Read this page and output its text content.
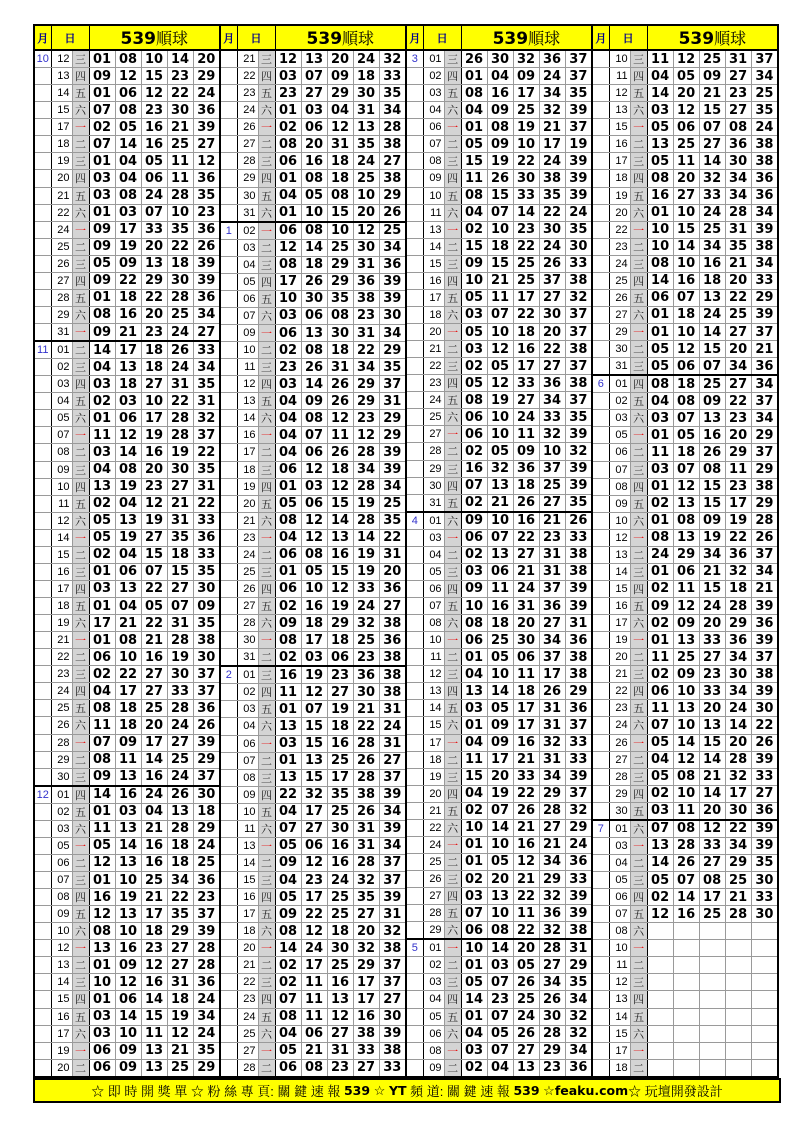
月	日		539順球				
10	12	三	01	08	10	14	20
	13	四	09	12	15	23	29
	14	五	01	06	12	22	24
	15	六	07	08	23	30	36
	17	一	02	05	16	21	39
	18	二	07	14	16	25	27
	19	三	01	04	05	11	12
	20	四	03	04	06	11	36
	21	五	03	08	24	28	35
	22	六	01	03	07	10	23
	24	一	09	17	33	35	36
	25	二	09	19	20	22	26
	26	三	05	09	13	18	39
	27	四	09	22	29	30	39
	28	五	01	18	22	28	36
	29	六	08	16	20	25	34
	31	一	09	21	23	24	27
11	01	二	14	17	18	26	33
	02	三	04	13	18	24	34
	03	四	03	18	27	31	35
	04	五	02	03	10	22	31
	05	六	01	06	17	28	32
	07	一	11	12	19	28	37
	08	二	03	14	16	19	22
	09	三	04	08	20	30	35
	10	四	13	19	23	27	31
	11	五	02	04	12	21	22
	12	六	05	13	19	31	33
	14	一	05	19	27	35	36
	15	二	02	04	15	18	33
	16	三	01	06	07	15	35
	17	四	03	13	22	27	30
	18	五	01	04	05	07	09
	19	六	17	21	22	31	35
	21	一	01	08	21	28	38
	22	二	06	10	16	19	30
	23	三	02	22	27	30	37
	24	四	04	17	27	33	37
	25	五	08	18	25	28	36
	26	六	11	18	20	24	26
	28	一	07	09	17	27	39
	29	二	08	11	14	25	29
	30	三	09	13	16	24	37
12	01	四	14	16	24	26	30
	02	五	01	03	04	13	18
	03	六	11	13	21	28	29
	05	一	05	14	16	18	24
	06	二	12	13	16	18	25
	07	三	01	10	25	34	36
	08	四	16	19	21	22	23
	09	五	12	13	17	35	37
	10	六	08	10	18	29	39
	12	一	13	16	23	27	28
	13	二	01	09	12	27	28
	14	三	10	12	16	31	36
	15	四	01	06	14	18	24
	16	五	03	14	15	19	34
	17	六	03	10	11	12	24
	19	一	06	09	13	21	35
	20	二	06	09	13	25	29
月	日		539順球				
	21	三	12	13	20	24	32
	22	四	03	07	09	18	33
	23	五	23	27	29	30	35
	24	六	01	03	04	31	34
	26	一	02	06	12	13	28
	27	二	08	20	31	35	38
	28	三	06	16	18	24	27
	29	四	01	08	18	25	38
	30	五	04	05	08	10	29
	31	六	01	10	15	20	26
1	02	一	06	08	10	12	25
	03	二	12	14	25	30	34
	04	三	08	18	29	31	36
	05	四	17	26	29	36	39
	06	五	10	30	35	38	39
	07	六	03	06	08	23	30
	09	一	06	13	30	31	34
	10	二	02	08	18	22	29
	11	三	23	26	31	34	35
	12	四	03	14	26	29	37
	13	五	04	09	26	29	31
	14	六	04	08	12	23	29
	16	一	04	07	11	12	29
	17	二	04	06	26	28	39
	18	三	06	12	18	34	39
	19	四	01	03	12	28	34
	20	五	05	06	15	19	25
	21	六	08	12	14	28	35
	23	一	04	12	13	14	22
	24	二	06	08	16	19	31
	25	三	01	05	15	19	20
	26	四	06	10	12	33	36
	27	五	02	16	19	24	27
	28	六	09	18	29	32	38
	30	一	08	17	18	25	36
	31	二	02	03	06	23	38
2	01	三	16	19	23	36	38
	02	四	11	12	27	30	38
	03	五	01	07	19	21	31
	04	六	13	15	18	22	24
	06	一	03	15	16	28	31
	07	二	01	13	25	26	27
	08	三	13	15	17	28	37
	09	四	22	32	35	38	39
	10	五	04	17	25	26	34
	11	六	07	27	30	31	39
	13	一	05	06	16	31	34
	14	二	09	12	16	28	37
	15	三	04	23	24	32	37
	16	四	05	17	25	35	39
	17	五	09	22	25	27	31
	18	六	08	12	18	20	32
	20	一	14	24	30	32	38
	21	二	02	17	25	29	37
	22	三	02	11	16	17	37
	23	四	07	11	13	17	27
	24	五	08	11	12	16	30
	25	六	04	06	27	38	39
	27	一	05	21	31	33	38
	28	二	06	08	23	27	33
月	日		539順球				
3	01	三	26	30	32	36	37
	02	四	01	04	09	24	37
	03	五	08	16	17	34	35
	04	六	04	09	25	32	39
	06	一	01	08	19	21	37
	07	二	05	09	10	17	19
	08	三	15	19	22	24	39
	09	四	11	26	30	38	39
	10	五	08	15	33	35	39
	11	六	04	07	14	22	24
	13	一	02	10	23	30	35
	14	二	15	18	22	24	30
	15	三	09	15	25	26	33
	16	四	10	21	25	37	38
	17	五	05	11	17	27	32
	18	六	03	07	22	30	37
	20	一	05	10	18	20	37
	21	二	03	12	16	22	38
	22	三	02	05	17	27	37
	23	四	05	12	33	36	38
	24	五	08	19	27	34	37
	25	六	06	10	24	33	35
	27	一	06	10	11	32	39
	28	二	02	05	09	10	32
	29	三	16	32	36	37	39
	30	四	07	13	18	25	39
	31	五	02	21	26	27	35
4	01	六	09	10	16	21	26
	03	一	06	07	22	23	33
	04	二	02	13	27	31	38
	05	三	03	06	21	31	38
	06	四	09	11	24	37	39
	07	五	10	16	31	36	39
	08	六	08	18	20	27	31
	10	一	06	25	30	34	36
	11	二	01	05	06	37	38
	12	三	04	10	11	17	38
	13	四	13	14	18	26	29
	14	五	03	05	17	31	36
	15	六	01	09	17	31	37
	17	一	04	09	16	32	33
	18	二	11	17	21	31	33
	19	三	15	20	33	34	39
	20	四	04	19	22	29	37
	21	五	02	07	26	28	32
	22	六	10	14	21	27	29
	24	一	01	10	16	21	24
	25	二	01	05	12	34	36
	26	三	02	20	21	29	33
	27	四	03	13	22	32	39
	28	五	07	10	11	36	39
	29	六	06	08	22	32	38
5	01	一	10	14	20	28	31
	02	二	01	03	05	27	29
	03	三	05	07	26	34	35
	04	四	14	23	25	26	34
	05	五	01	07	24	30	32
	06	六	04	05	26	28	32
	08	一	03	07	27	29	34
	09	二	02	04	13	23	36
月	日		539順球				
	10	三	11	12	25	31	37
	11	四	04	05	09	27	34
	12	五	14	20	21	23	25
	13	六	03	12	15	27	35
	15	一	05	06	07	08	24
	16	二	13	25	27	36	38
	17	三	05	11	14	30	38
	18	四	08	20	32	34	36
	19	五	16	27	33	34	36
	20	六	01	10	24	28	34
	22	一	10	15	25	31	39
	23	二	10	14	34	35	38
	24	三	08	10	16	21	34
	25	四	14	16	18	20	33
	26	五	06	07	13	22	29
	27	六	01	18	24	25	39
	29	一	01	10	14	27	37
	30	二	05	12	15	20	21
	31	三	05	06	07	34	36
6	01	四	08	18	25	27	34
	02	五	04	08	09	22	37
	03	六	03	07	13	23	34
	05	一	01	05	16	20	29
	06	二	11	18	26	29	37
	07	三	03	07	08	11	29
	08	四	01	12	15	23	38
	09	五	02	13	15	17	29
	10	六	01	08	09	19	28
	12	一	08	13	19	22	26
	13	二	24	29	34	36	37
	14	三	01	06	21	32	34
	15	四	02	11	15	18	21
	16	五	09	12	24	28	39
	17	六	02	09	20	29	36
	19	一	01	13	33	36	39
	20	二	11	25	27	34	37
	21	三	02	09	23	30	38
	22	四	06	10	33	34	39
	23	五	11	13	20	24	30
	24	六	07	10	13	14	22
	26	一	05	14	15	20	26
	27	二	04	12	14	28	39
	28	三	05	08	21	32	33
	29	四	02	10	14	17	27
	30	五	03	11	20	30	36
7	01	六	07	08	12	22	39
	03	一	13	28	33	34	39
	04	二	14	26	27	29	35
	05	三	05	07	08	25	30
	06	四	02	14	17	21	33
	07	五	12	16	25	28	30
	08	六					
	10	一					
	11	二					
	12	三					
	13	四					
	14	五					
	15	六					
	17	一					
	18	二					
☆ 即 時 開 獎 單 ☆ 粉 絲 專 頁: 關 鍵 速 報 539 ☆ YT 頻 道: 關 鍵 速 報 539 ☆ feaku.com ☆ 玩壇開發設計
